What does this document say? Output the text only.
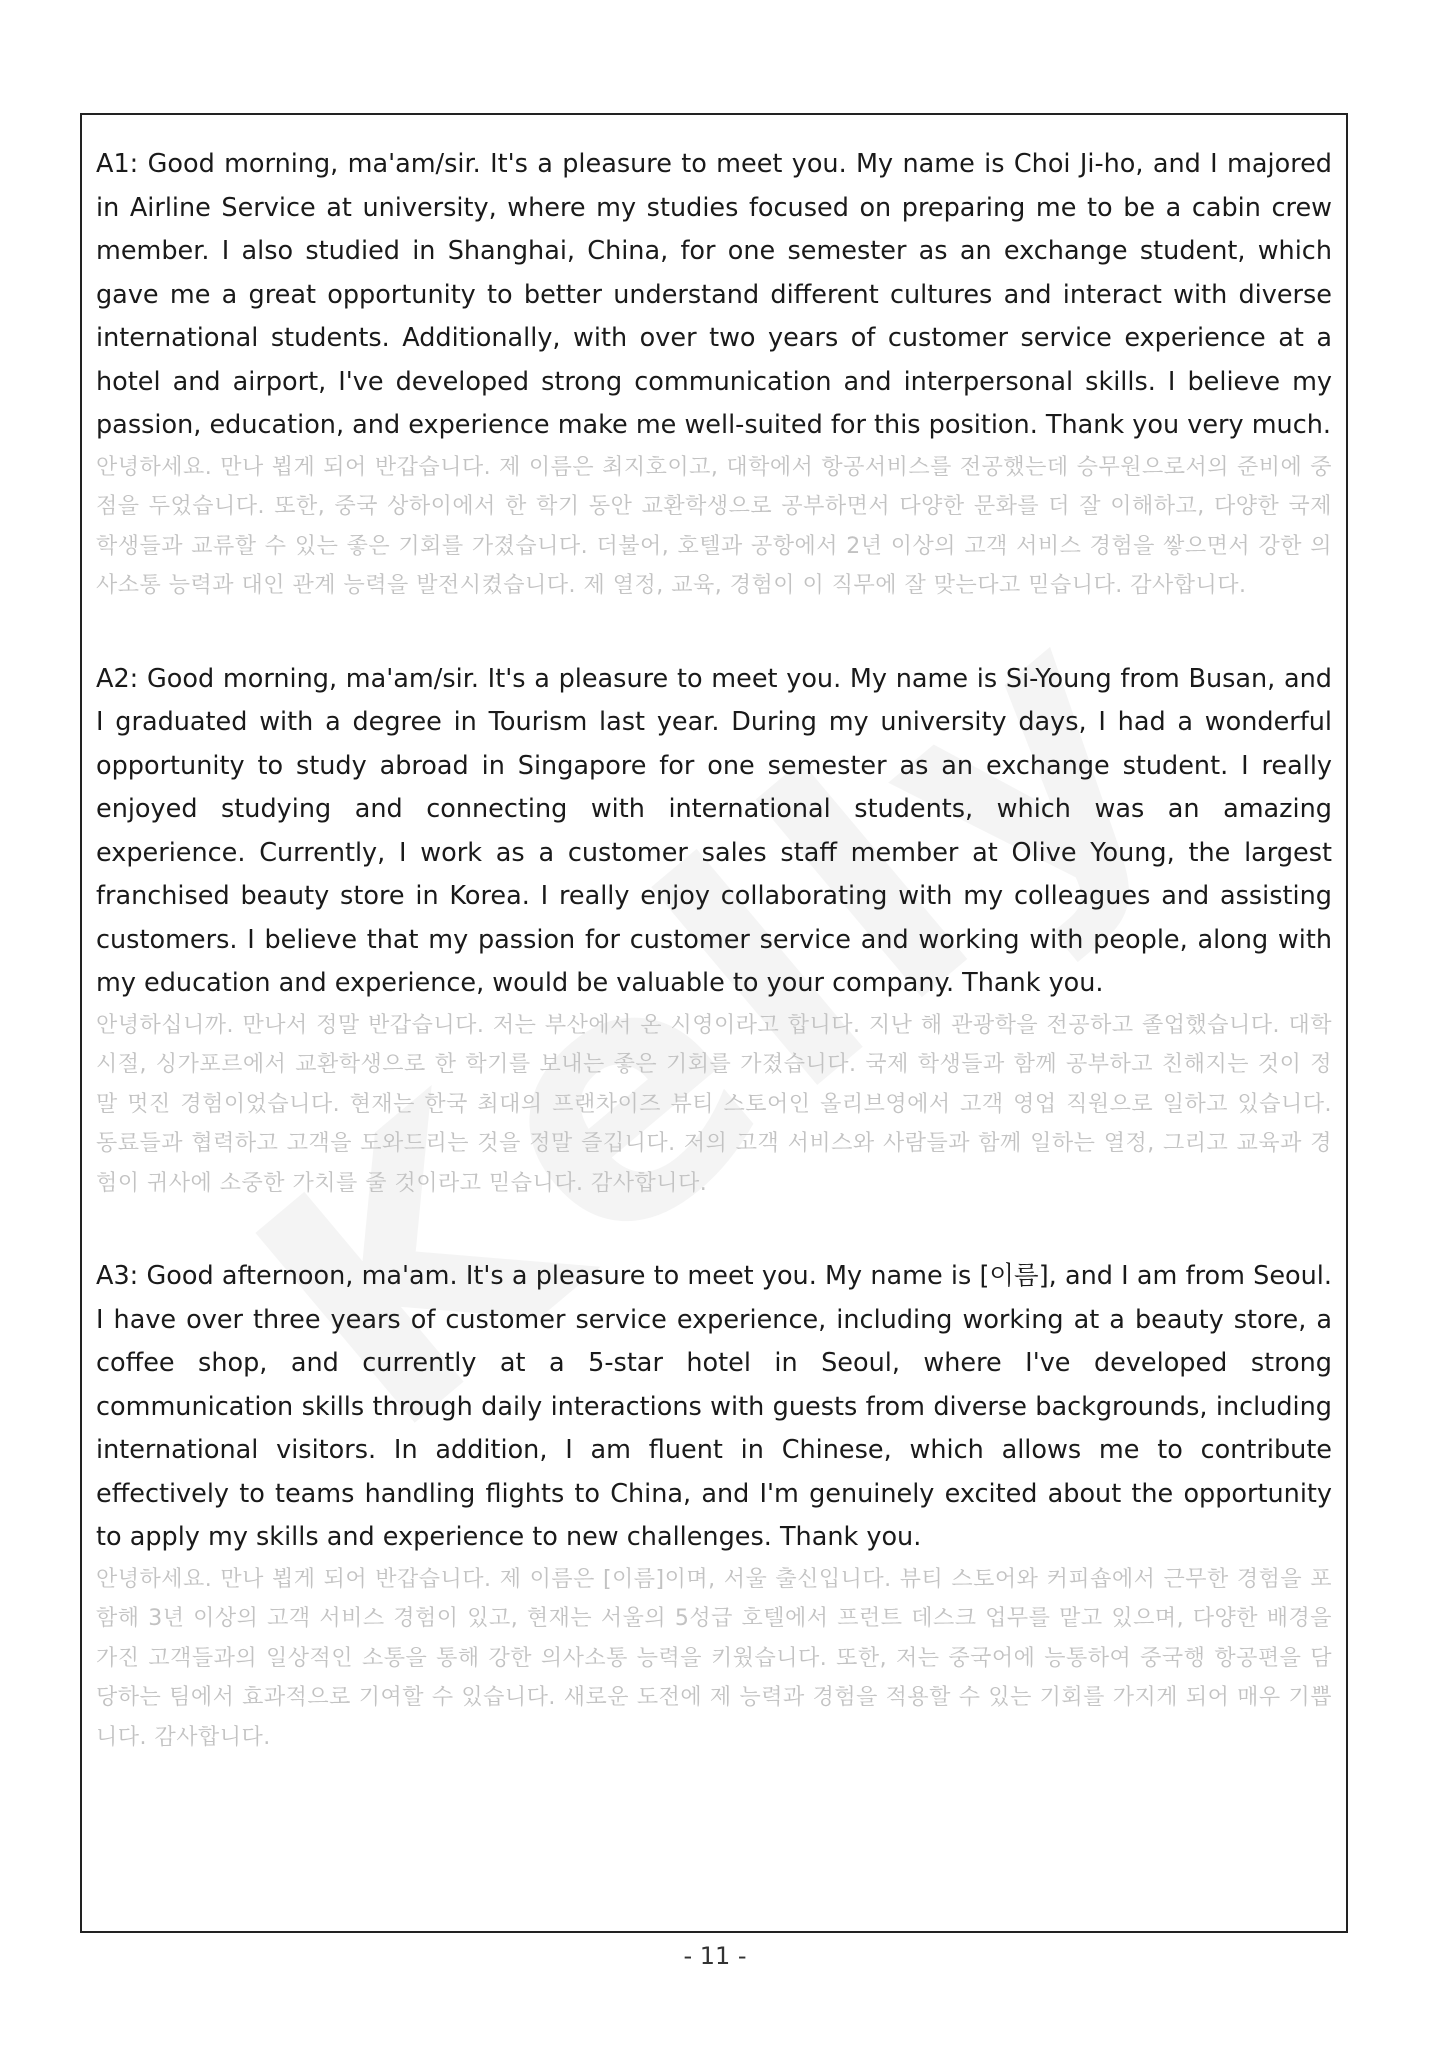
A1: Good morning, ma'am/sir. It's a pleasure to meet you. My name is Choi Ji-ho, and I majored in Airline Service at university, where my studies focused on preparing me to be a cabin crew member. I also studied in Shanghai, China, for one semester as an exchange student, which gave me a great opportunity to better understand different cultures and interact with diverse international students. Additionally, with over two years of customer service experience at a hotel and airport, I've developed strong communication and interpersonal skills. I believe my passion, education, and experience make me well-suited for this position. Thank you very much.

안녕하세요. 만나 뵙게 되어 반갑습니다. 제 이름은 최지호이고, 대학에서 항공서비스를 전공했는데 승무원으로서의 준비에 중점을 두었습니다. 또한, 중국 상하이에서 한 학기 동안 교환학생으로 공부하면서 다양한 문화를 더 잘 이해하고, 다양한 국제 학생들과 교류할 수 있는 좋은 기회를 가졌습니다. 더불어, 호텔과 공항에서 2년 이상의 고객 서비스 경험을 쌓으면서 강한 의사소통 능력과 대인 관계 능력을 발전시켰습니다. 제 열정, 교육, 경험이 이 직무에 잘 맞는다고 믿습니다. 감사합니다.

A2: Good morning, ma'am/sir. It's a pleasure to meet you. My name is Si-Young from Busan, and I graduated with a degree in Tourism last year. During my university days, I had a wonderful opportunity to study abroad in Singapore for one semester as an exchange student. I really enjoyed studying and connecting with international students, which was an amazing experience. Currently, I work as a customer sales staff member at Olive Young, the largest franchised beauty store in Korea. I really enjoy collaborating with my colleagues and assisting customers. I believe that my passion for customer service and working with people, along with my education and experience, would be valuable to your company. Thank you.

안녕하십니까. 만나서 정말 반갑습니다. 저는 부산에서 온 시영이라고 합니다. 지난 해 관광학을 전공하고 졸업했습니다. 대학 시절, 싱가포르에서 교환학생으로 한 학기를 보내는 좋은 기회를 가졌습니다. 국제 학생들과 함께 공부하고 친해지는 것이 정말 멋진 경험이었습니다. 현재는 한국 최대의 프랜차이즈 뷰티 스토어인 올리브영에서 고객 영업 직원으로 일하고 있습니다. 동료들과 협력하고 고객을 도와드리는 것을 정말 즐깁니다. 저의 고객 서비스와 사람들과 함께 일하는 열정, 그리고 교육과 경험이 귀사에 소중한 가치를 줄 것이라고 믿습니다. 감사합니다.

A3: Good afternoon, ma'am. It's a pleasure to meet you. My name is [이름], and I am from Seoul. I have over three years of customer service experience, including working at a beauty store, a coffee shop, and currently at a 5-star hotel in Seoul, where I've developed strong communication skills through daily interactions with guests from diverse backgrounds, including international visitors. In addition, I am fluent in Chinese, which allows me to contribute effectively to teams handling flights to China, and I'm genuinely excited about the opportunity to apply my skills and experience to new challenges. Thank you.

안녕하세요. 만나 뵙게 되어 반갑습니다. 제 이름은 [이름]이며, 서울 출신입니다. 뷰티 스토어와 커피숍에서 근무한 경험을 포함해 3년 이상의 고객 서비스 경험이 있고, 현재는 서울의 5성급 호텔에서 프런트 데스크 업무를 맡고 있으며, 다양한 배경을 가진 고객들과의 일상적인 소통을 통해 강한 의사소통 능력을 키웠습니다. 또한, 저는 중국어에 능통하여 중국행 항공편을 담당하는 팀에서 효과적으로 기여할 수 있습니다. 새로운 도전에 제 능력과 경험을 적용할 수 있는 기회를 가지게 되어 매우 기쁩니다. 감사합니다.

- 11 -
